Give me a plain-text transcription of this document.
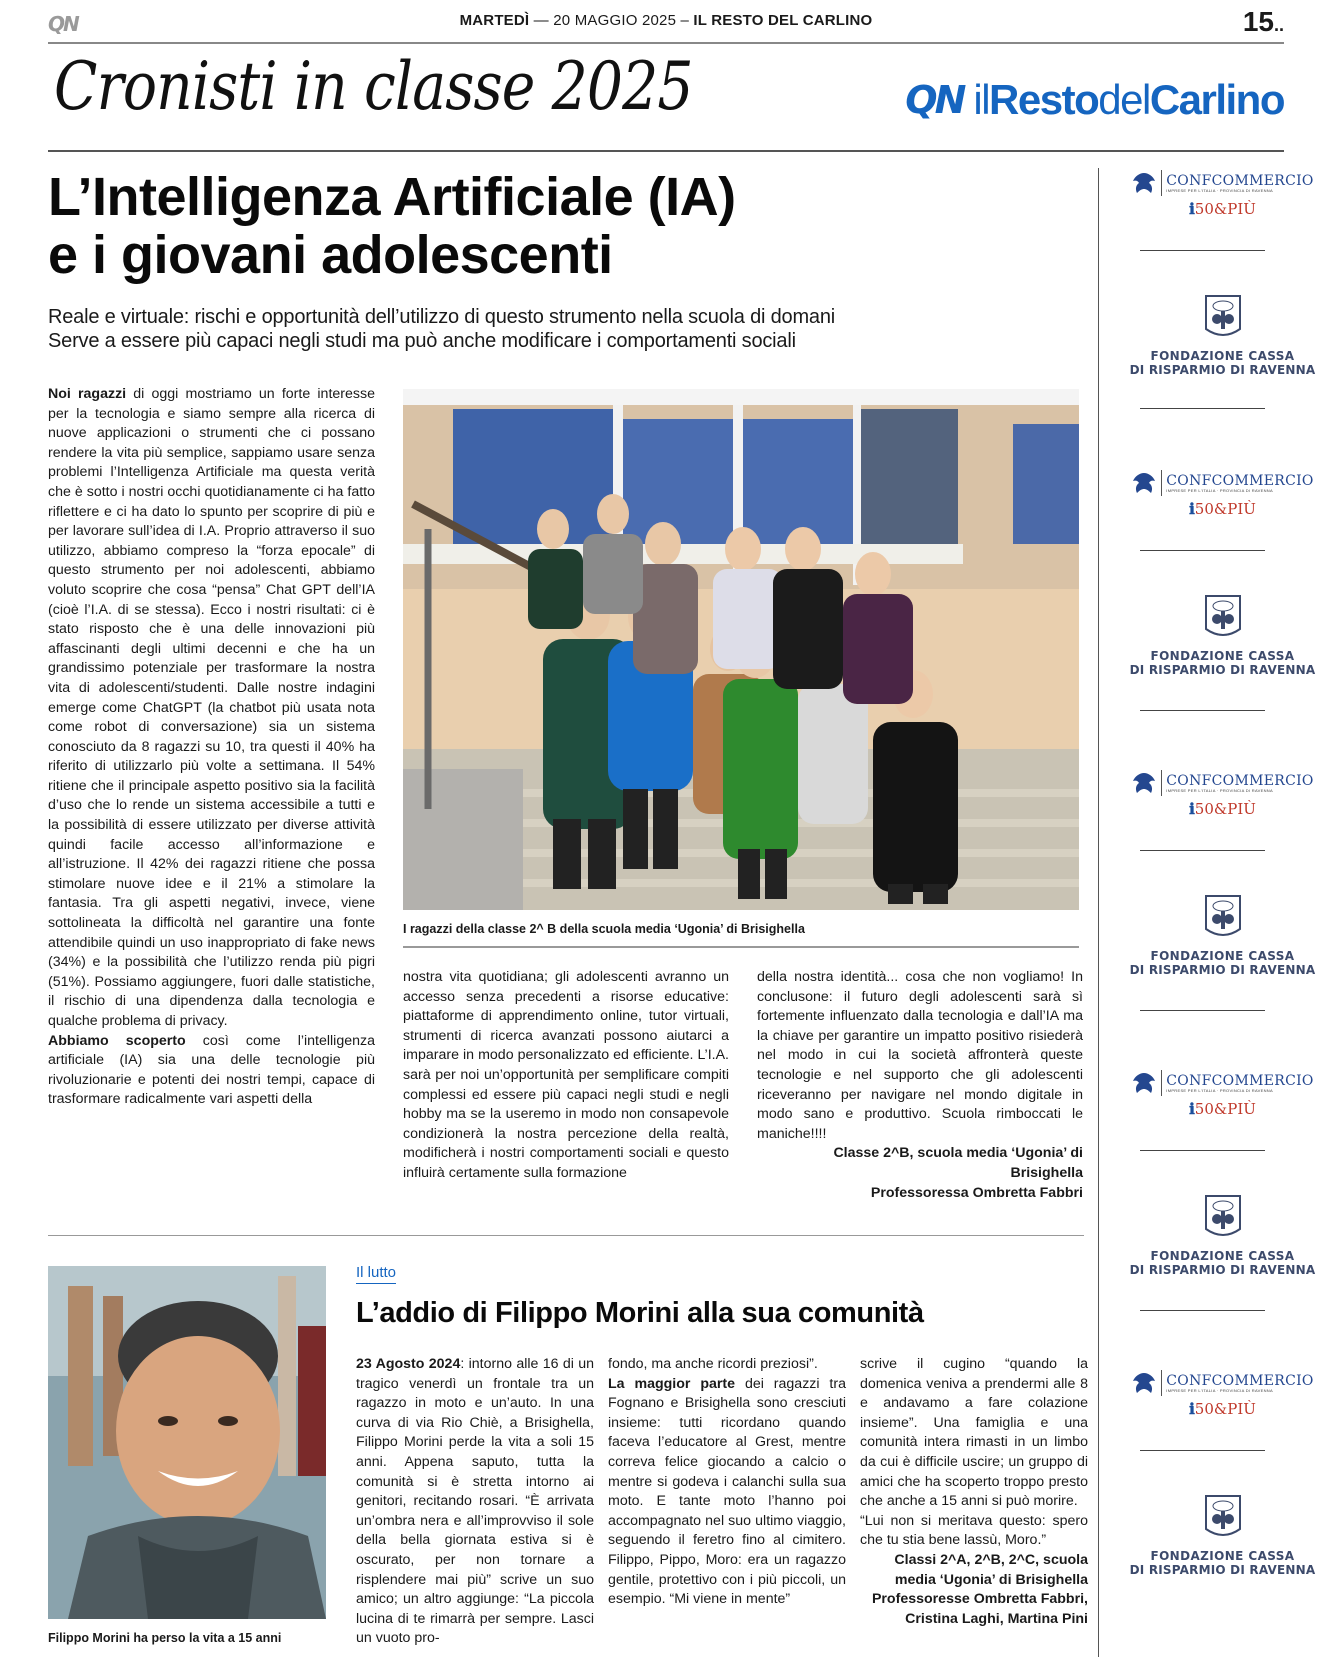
QN	MARTEDÌ — 20 MAGGIO 2025 – IL RESTO DEL CARLINO	15..
Cronisti in classe 2025	QN ilRestodelCarlino
L’Intelligenza Artificiale (IA)
e i giovani adolescenti
Reale e virtuale: rischi e opportunità dell’utilizzo di questo strumento nella scuola di domani
Serve a essere più capaci negli studi ma può anche modificare i comportamenti sociali

Noi ragazzi di oggi mostriamo un forte interesse per la tecnologia e siamo sempre alla ricerca di nuove applicazioni o strumenti che ci possano rendere la vita più semplice, sappiamo usare senza problemi l’Intelligenza Artificiale ma questa verità che è sotto i nostri occhi quotidianamente ci ha fatto riflettere e ci ha dato lo spunto per scoprire di più e per lavorare sull’idea di I.A. Proprio attraverso il suo utilizzo, abbiamo compreso la “forza epocale” di questo strumento per noi adolescenti, abbiamo voluto scoprire che cosa “pensa” Chat GPT dell’IA (cioè l’I.A. di se stessa). Ecco i nostri risultati: ci è stato risposto che è una delle innovazioni più affascinanti degli ultimi decenni e che ha un grandissimo potenziale per trasformare la nostra vita di adolescenti/studenti. Dalle nostre indagini emerge come ChatGPT (la chatbot più usata nota come robot di conversazione) sia un sistema conosciuto da 8 ragazzi su 10, tra questi il 40% ha riferito di utilizzarlo più volte a settimana. Il 54% ritiene che il principale aspetto positivo sia la facilità d’uso che lo rende un sistema accessibile a tutti e la possibilità di essere utilizzato per diverse attività quindi facile accesso all’informazione e all’istruzione. Il 42% dei ragazzi ritiene che possa stimolare nuove idee e il 21% a stimolare la fantasia. Tra gli aspetti negativi, invece, viene sottolineata la difficoltà nel garantire una fonte attendibile quindi un uso inappropriato di fake news (34%) e la possibilità che l’utilizzo renda più pigri (51%). Possiamo aggiungere, fuori dalle statistiche, il rischio di una dipendenza dalla tecnologia e qualche problema di privacy.

Abbiamo scoperto così come l’intelligenza artificiale (IA) sia una delle tecnologie più rivoluzionarie e potenti dei nostri tempi, capace di trasformare radicalmente vari aspetti della

I ragazzi della classe 2^ B della scuola media ‘Ugonia’ di Brisighella

nostra vita quotidiana; gli adolescenti avranno un accesso senza precedenti a risorse educative: piattaforme di apprendimento online, tutor virtuali, strumenti di ricerca avanzati possono aiutarci a imparare in modo personalizzato ed efficiente. L’I.A. sarà per noi un’opportunità per semplificare compiti complessi ed essere più capaci negli studi e negli hobby ma se la useremo in modo non consapevole condizionerà la nostra percezione della realtà, modificherà i nostri comportamenti sociali e questo influirà certamente sulla formazione

della nostra identità... cosa che non vogliamo! In conclusone: il futuro degli adolescenti sarà sì fortemente influenzato dalla tecnologia e dall’IA ma la chiave per garantire un impatto positivo risiederà nel modo in cui la società affronterà queste tecnologie e nel supporto che gli adolescenti riceveranno per navigare nel mondo digitale in modo sano e produttivo. Scuola rimboccati le maniche!!!!

Classe 2^B, scuola media ‘Ugonia’ di Brisighella
Professoressa Ombretta Fabbri

Filippo Morini ha perso la vita a 15 anni
Il lutto
L’addio di Filippo Morini alla sua comunità

23 Agosto 2024: intorno alle 16 di un tragico venerdì un frontale tra un ragazzo in moto e un’auto. In una curva di via Rio Chiè, a Brisighella, Filippo Morini perde la vita a soli 15 anni. Appena saputo, tutta la comunità si è stretta intorno ai genitori, recitando rosari. “È arrivata un’ombra nera e all’improvviso il sole della bella giornata estiva si è oscurato, per non tornare a risplendere mai più” scrive un suo amico; un altro aggiunge: “La piccola lucina di te rimarrà per sempre. Lasci un vuoto pro-

fondo, ma anche ricordi preziosi”.

La maggior parte dei ragazzi tra Fognano e Brisighella sono cresciuti insieme: tutti ricordano quando faceva l’educatore al Grest, mentre correva felice giocando a calcio o mentre si godeva i calanchi sulla sua moto. E tante moto l’hanno poi accompagnato nel suo ultimo viaggio, seguendo il feretro fino al cimitero. Filippo, Pippo, Moro: era un ragazzo gentile, protettivo con i più piccoli, un esempio. “Mi viene in mente”

scrive il cugino “quando la domenica veniva a prendermi alle 8 e andavamo a fare colazione insieme”. Una famiglia e una comunità intera rimasti in un limbo da cui è difficile uscire; un gruppo di amici che ha scoperto troppo presto che anche a 15 anni si può morire.

“Lui non si meritava questo: spero che tu stia bene lassù, Moro.”

Classi 2^A, 2^B, 2^C, scuola media ‘Ugonia’ di Brisighella
Professoresse Ombretta Fabbri, Cristina Laghi, Martina Pini

CONFCOMMERCIO
IMPRESE PER L'ITALIA · PROVINCIA DI RAVENNA
ℹ50&PIÙ
FONDAZIONE CASSA
DI RISPARMIO DI RAVENNA
CONFCOMMERCIO
IMPRESE PER L'ITALIA · PROVINCIA DI RAVENNA
ℹ50&PIÙ
FONDAZIONE CASSA
DI RISPARMIO DI RAVENNA
CONFCOMMERCIO
IMPRESE PER L'ITALIA · PROVINCIA DI RAVENNA
ℹ50&PIÙ
FONDAZIONE CASSA
DI RISPARMIO DI RAVENNA
CONFCOMMERCIO
IMPRESE PER L'ITALIA · PROVINCIA DI RAVENNA
ℹ50&PIÙ
FONDAZIONE CASSA
DI RISPARMIO DI RAVENNA
CONFCOMMERCIO
IMPRESE PER L'ITALIA · PROVINCIA DI RAVENNA
ℹ50&PIÙ
FONDAZIONE CASSA
DI RISPARMIO DI RAVENNA
